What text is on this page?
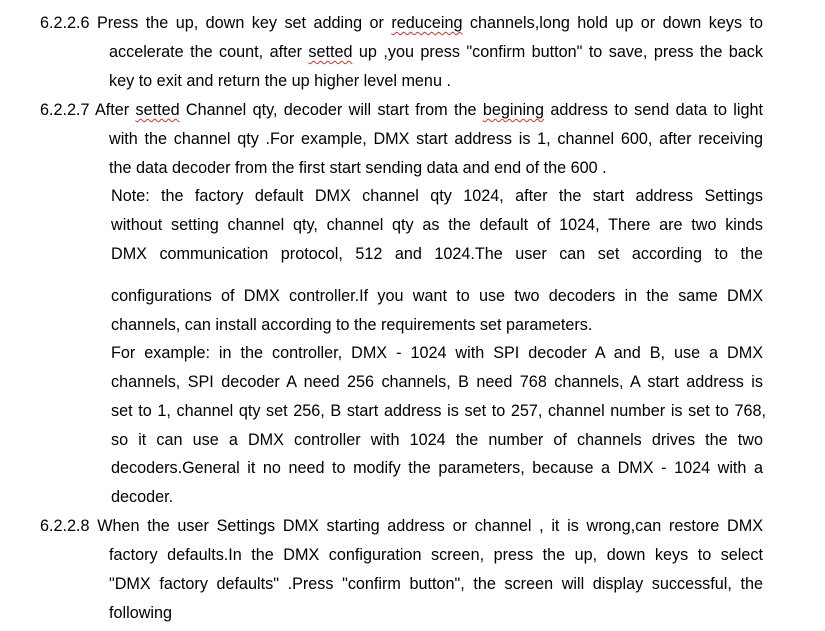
6.2.2.6 Press the up, down key set adding or reduceing channels,long hold up or down keys to
accelerate the count, after setted up ,you press "confirm button" to save, press the back
key to exit and return the up higher level menu .
6.2.2.7 After setted Channel qty, decoder will start from the begining address to send data to light
with the channel qty .For example, DMX start address is 1, channel 600, after receiving
the data decoder from the first start sending data and end of the 600 .
Note: the factory default DMX channel qty 1024, after the start address Settings
without setting channel qty, channel qty as the default of 1024, There are two kinds
DMX communication protocol, 512 and 1024.The user can set according to the
configurations of DMX controller.If you want to use two decoders in the same DMX
channels, can install according to the requirements set parameters.
For example: in the controller, DMX - 1024 with SPI decoder A and B, use a DMX
channels, SPI decoder A need 256 channels, B need 768 channels, A start address is
set to 1, channel qty set 256, B start address is set to 257, channel number is set to 768,
so it can use a DMX controller with 1024 the number of channels drives the two
decoders.General it no need to modify the parameters, because a DMX - 1024 with a
decoder.
6.2.2.8 When the user Settings DMX starting address or channel , it is wrong,can restore DMX
factory defaults.In the DMX configuration screen, press the up, down keys to select
"DMX factory defaults" .Press "confirm button", the screen will display successful, the
following
